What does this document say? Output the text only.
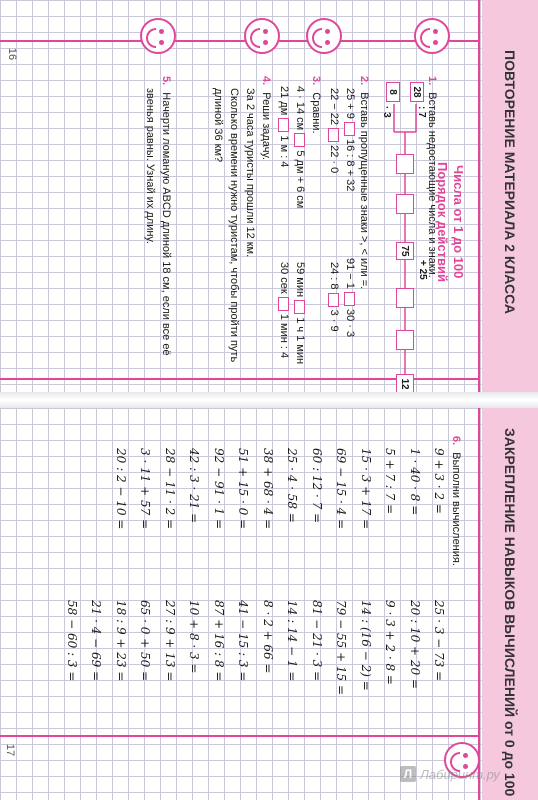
16	ПОВТОРЕНИЕ МАТЕРИАЛА 2 КЛАССА
Числа от 1 до 100
Порядок действий
1. Вставь недостающие числа и знаки.
28
: 7
8
· 3
75
+ 25
12
2. Вставь пропущенные знаки >, < или =.
25 + 9  16 : 8 + 32
91 − 1  30 · 3
22 − 22  22 · 0
24 : 8  3 · 9
3. Сравни.
4 · 14 см  5 дм + 6 см
59 мин  1 ч 1 мин
21 дм  1 м : 4
30 сек  1 мин : 4
4. Реши задачу.
За 2 часа туристы прошли 12 км.
Сколько времени нужно туристам, чтобы пройти путь
длиной 36 км?
5. Начерти ломаную ABCD длиной 18 см, если все её
звенья равны. Узнай их длину.
17	ЗАКРЕПЛЕНИЕ НАВЫКОВ ВЫЧИСЛЕНИЙ от 0 до 100
6. Выполни вычисления.
Л Лабиринт.ру
9 + 3 · 2 =
1 · 40 · 8 =
5 + 7 : 7 =
15 · 3 + 17 =
69 − 15 · 4 =
60 : 12 · 7 =
25 · 4 · 58 =
38 + 68 · 4 =
51 + 15 · 0 =
92 − 91 · 1 =
42 : 3 · 21 =
28 − 11 · 2 =
3 · 11 + 57 =
20 : 2 − 10 =
25 · 3 − 73 =
20 : 10 + 20 =
9 · 3 + 2 · 8 =
14 : (16 − 2) =
79 − 55 + 15 =
81 − 21 · 3 =
14 : 14 − 1 =
8 · 2 + 66 =
41 − 15 : 3 =
87 + 16 : 8 =
10 + 8 · 3 =
27 : 9 + 13 =
65 · 0 + 50 =
18 : 9 + 23 =
21 · 4 − 69 =
58 − 60 : 3 =
